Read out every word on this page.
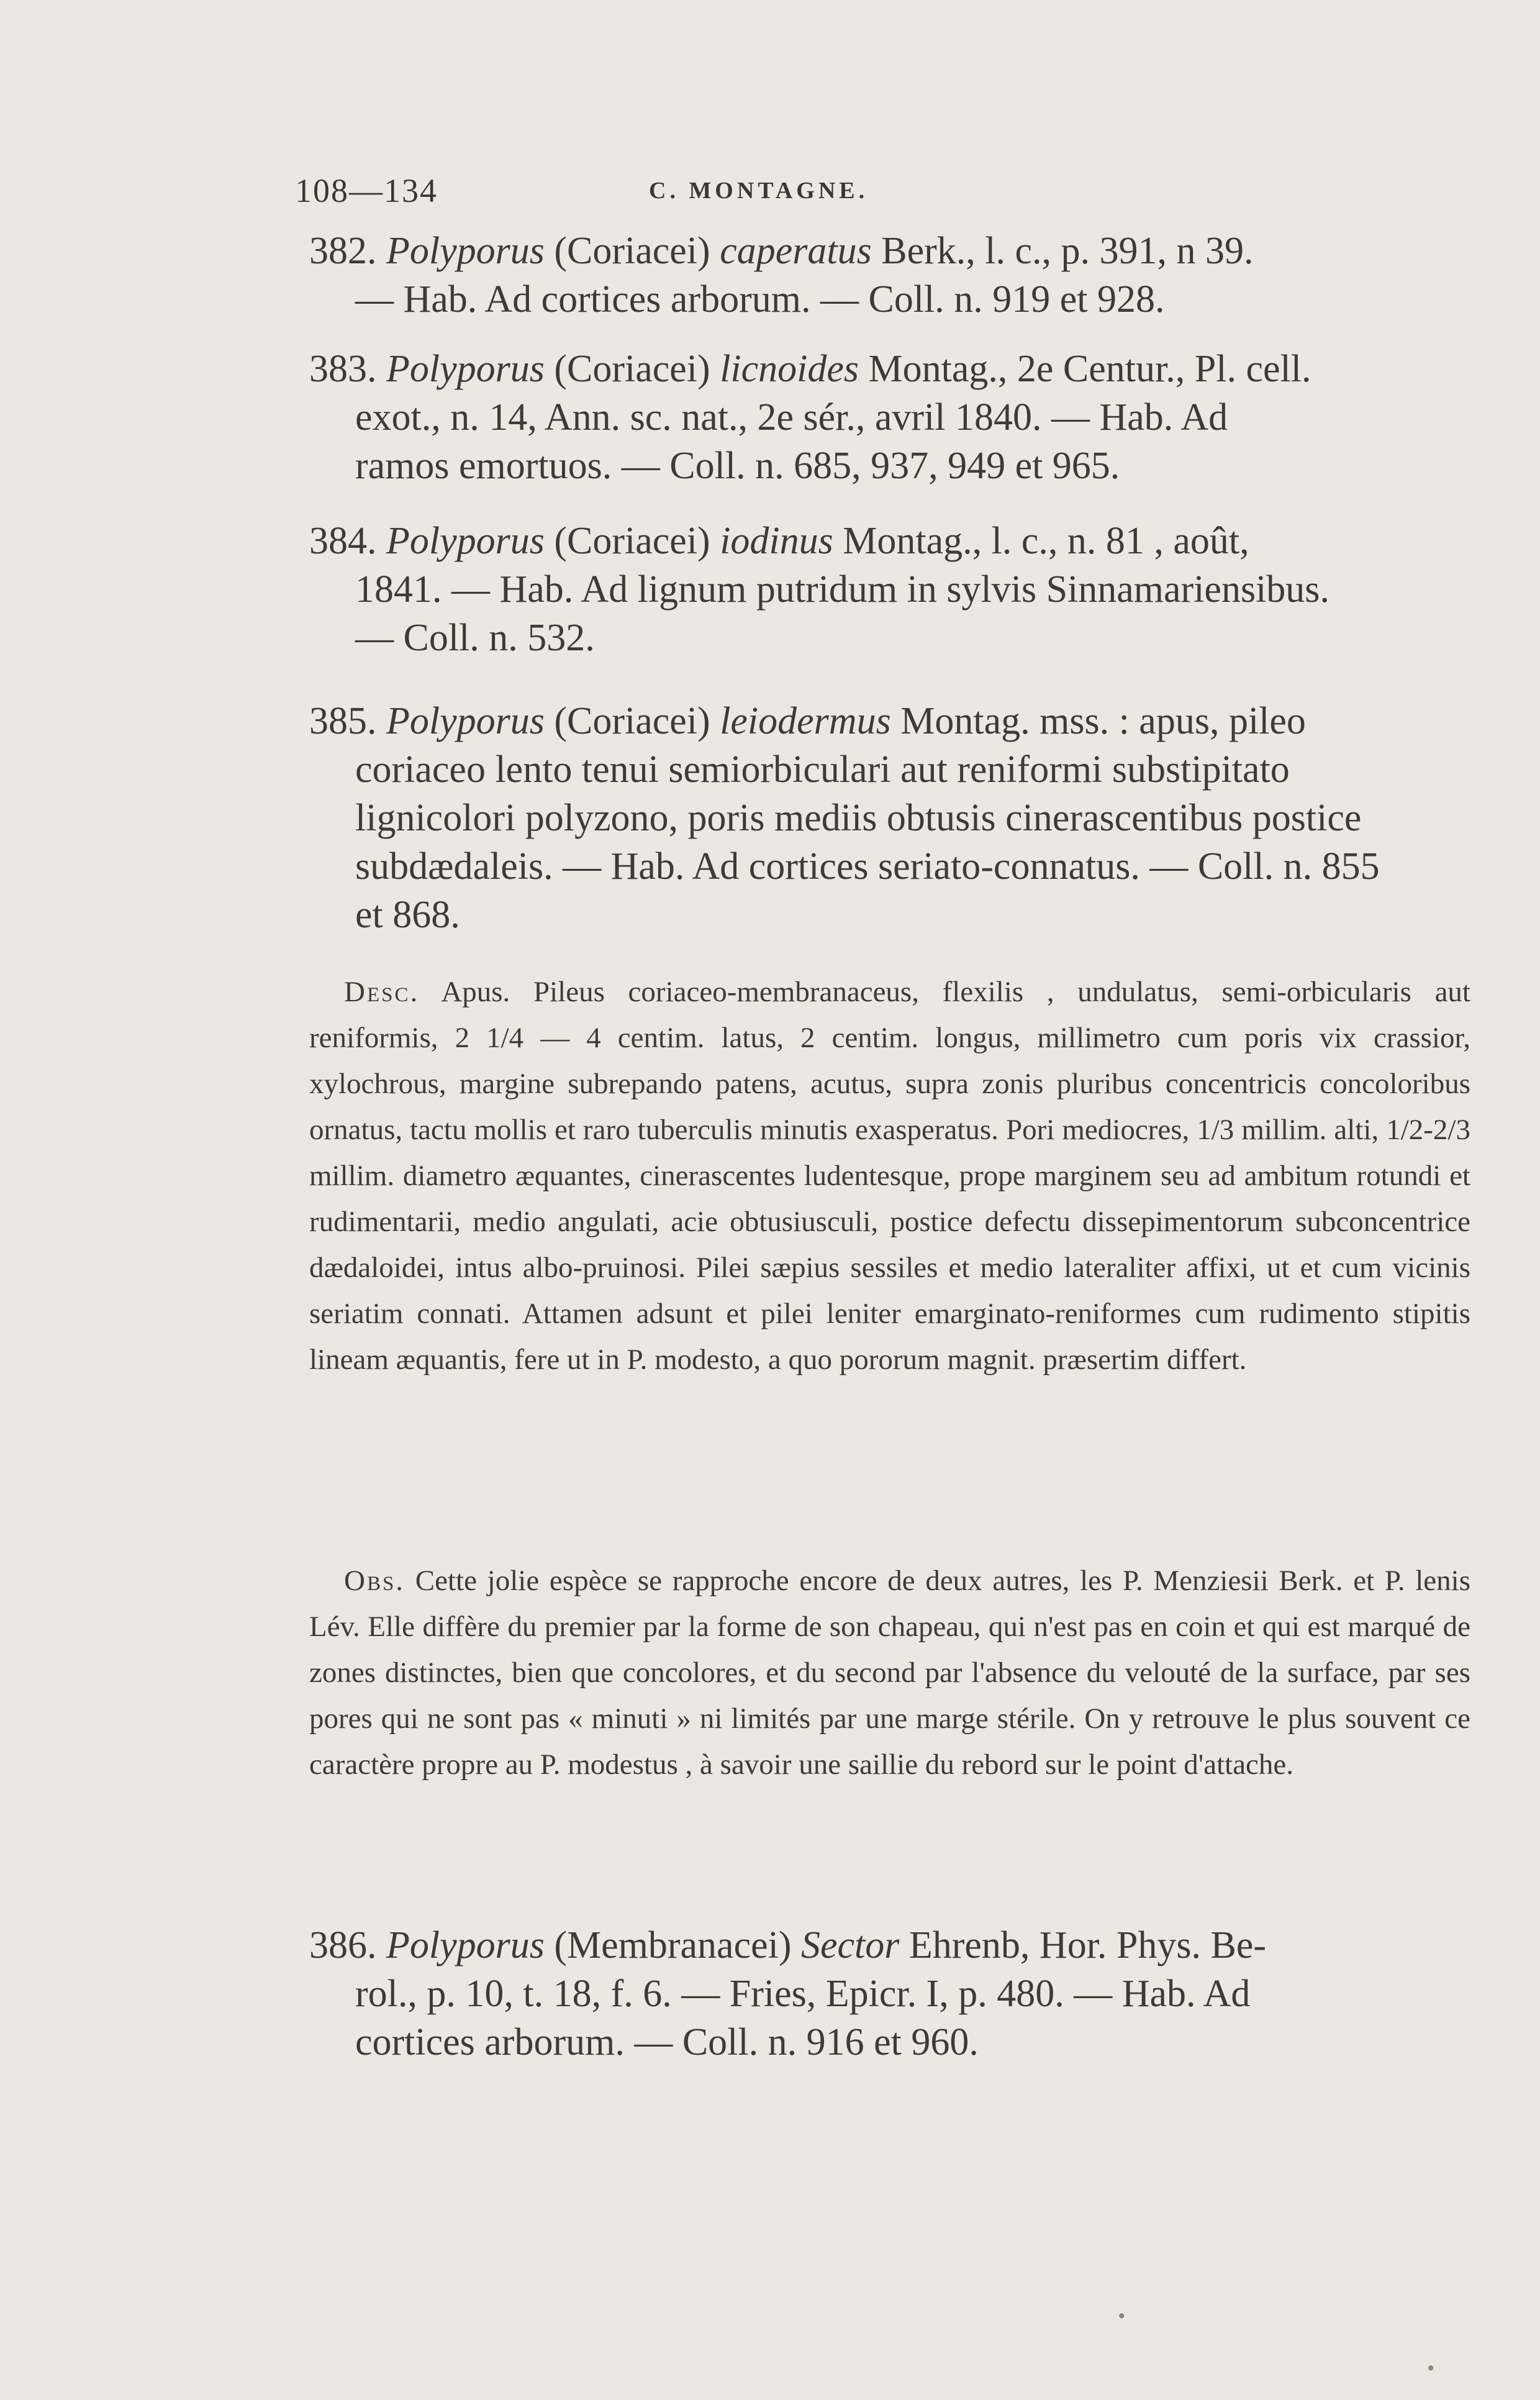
108—134	C. MONTAGNE.

382. Polyporus (Coriacei) caperatus Berk., l. c., p. 391, n 39.
— Hab. Ad cortices arborum. — Coll. n. 919 et 928.

383. Polyporus (Coriacei) licnoides Montag., 2e Centur., Pl. cell.
exot., n. 14, Ann. sc. nat., 2e sér., avril 1840. — Hab. Ad
ramos emortuos. — Coll. n. 685, 937, 949 et 965.

384. Polyporus (Coriacei) iodinus Montag., l. c., n. 81 , août,
1841. — Hab. Ad lignum putridum in sylvis Sinnamariensibus.
— Coll. n. 532.

385. Polyporus (Coriacei) leiodermus Montag. mss. : apus, pileo
coriaceo lento tenui semiorbiculari aut reniformi substipitato
lignicolori polyzono, poris mediis obtusis cinerascentibus postice
subdædaleis. — Hab. Ad cortices seriato-connatus. — Coll. n. 855
et 868.

Desc. Apus. Pileus coriaceo-membranaceus, flexilis , undulatus, semi-orbicularis aut reniformis, 2 1/4 — 4 centim. latus, 2 centim. longus, millimetro cum poris vix crassior, xylochrous, margine subrepando patens, acutus, supra zonis pluribus concentricis concoloribus ornatus, tactu mollis et raro tuberculis minutis exasperatus. Pori mediocres, 1/3 millim. alti, 1/2-2/3 millim. diametro æquantes, cinerascentes ludentesque, prope marginem seu ad ambitum rotundi et rudimentarii, medio angulati, acie obtusiusculi, postice defectu dissepimentorum subconcentrice dædaloidei, intus albo-pruinosi. Pilei sæpius sessiles et medio lateraliter affixi, ut et cum vicinis seriatim connati. Attamen adsunt et pilei leniter emarginato-reniformes cum rudimento stipitis lineam æquantis, fere ut in P. modesto, a quo pororum magnit. præsertim differt.

Obs. Cette jolie espèce se rapproche encore de deux autres, les P. Menziesii Berk. et P. lenis Lév. Elle diffère du premier par la forme de son chapeau, qui n'est pas en coin et qui est marqué de zones distinctes, bien que concolores, et du second par l'absence du velouté de la surface, par ses pores qui ne sont pas « minuti » ni limités par une marge stérile. On y retrouve le plus souvent ce caractère propre au P. modestus , à savoir une saillie du rebord sur le point d'attache.

386. Polyporus (Membranacei) Sector Ehrenb, Hor. Phys. Be-
rol., p. 10, t. 18, f. 6. — Fries, Epicr. I, p. 480. — Hab. Ad
cortices arborum. — Coll. n. 916 et 960.

•
•
